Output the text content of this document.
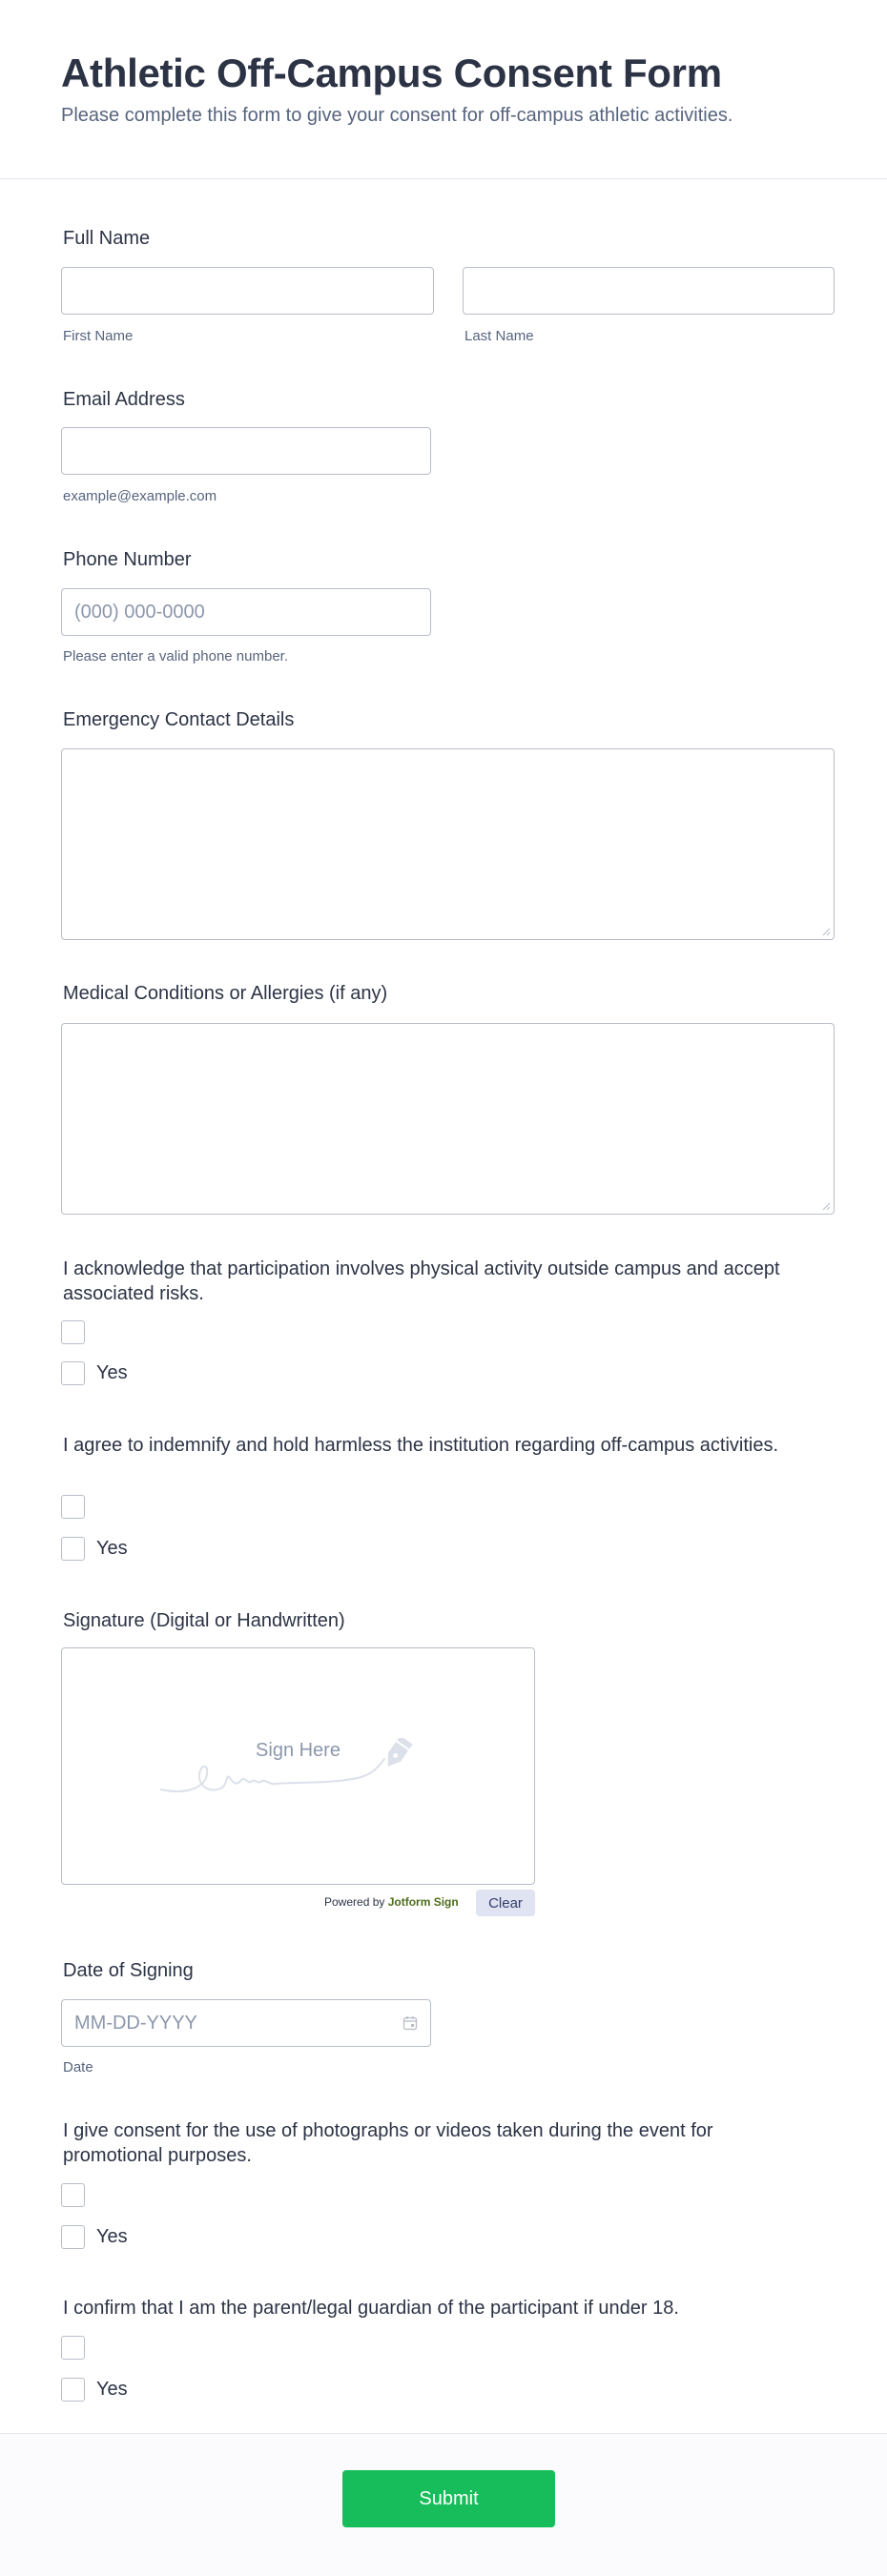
Athletic Off-Campus Consent Form
Please complete this form to give your consent for off-campus athletic activities.
Full Name
First Name	Last Name
Email Address
example@example.com
Phone Number
(000) 000-0000
Please enter a valid phone number.
Emergency Contact Details
Medical Conditions or Allergies (if any)
I acknowledge that participation involves physical activity outside campus and accept associated risks.
Yes
I agree to indemnify and hold harmless the institution regarding off-campus activities.
Yes
Signature (Digital or Handwritten)
Sign Here
Powered by Jotform Sign	Clear
Date of Signing
MM-DD-YYYY
Date
I give consent for the use of photographs or videos taken during the event for promotional purposes.
Yes
I confirm that I am the parent/legal guardian of the participant if under 18.
Yes
Submit
